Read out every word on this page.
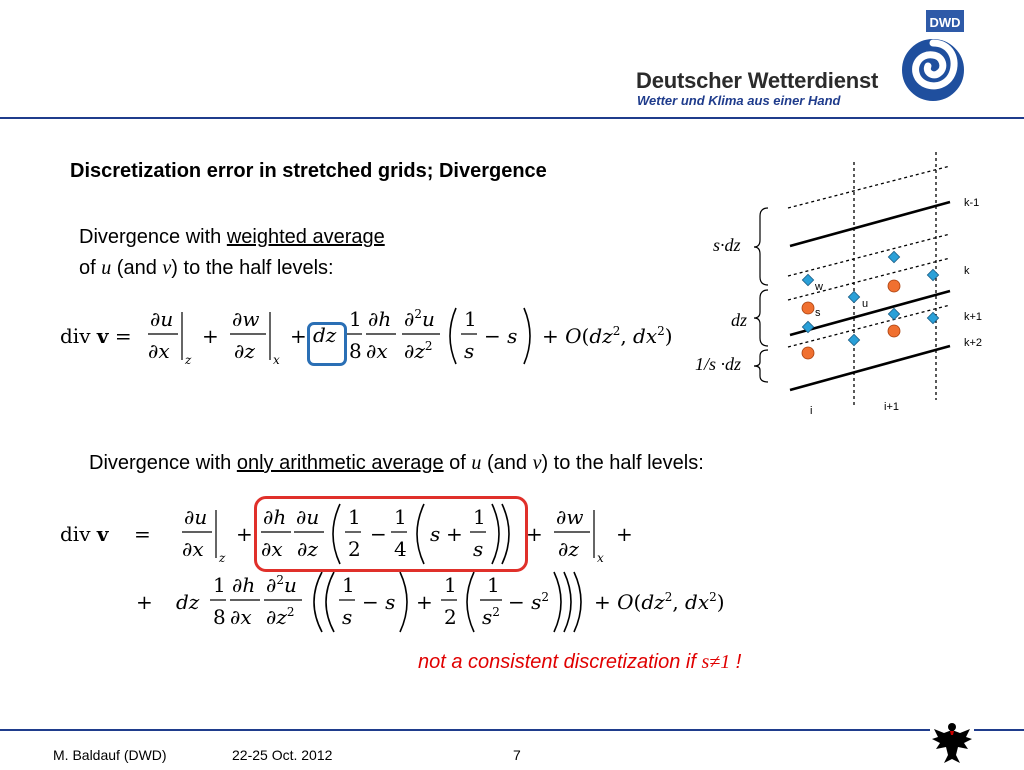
Deutscher Wetterdienst
Wetter und Klima aus einer Hand
DWD
Discretization error in stretched grids; Divergence
Divergence with weighted average
of u (and v) to the half levels:
div v =
∂u
∂x z
+
∂w
∂z x
+ dz
1
8
∂h
∂x
∂$^2$u
$\partial z^2$
1
s
− $s + O(dz^2$, $dx^2$)
k-1
k
k+1
k+2
i	i+1
w
u
s
s·dz
dz
1/s ·dz
Divergence with only arithmetic average of u (and v) to the half levels:
div v =
∂u
∂x z
+
∂h
∂x
∂u
∂z
1
2
−
1
4
s +
1
s
+
∂w
∂z x
+
+ dz
1
8
∂h
∂x
∂$^2$u
$\partial z^2$
1
s
− s +
1
2
1
$s^2 - s^2 + O(dz^2$, $dx^2$)
not a consistent discretization if s≠1 !
M. Baldauf (DWD)	22-25 Oct. 2012	7
